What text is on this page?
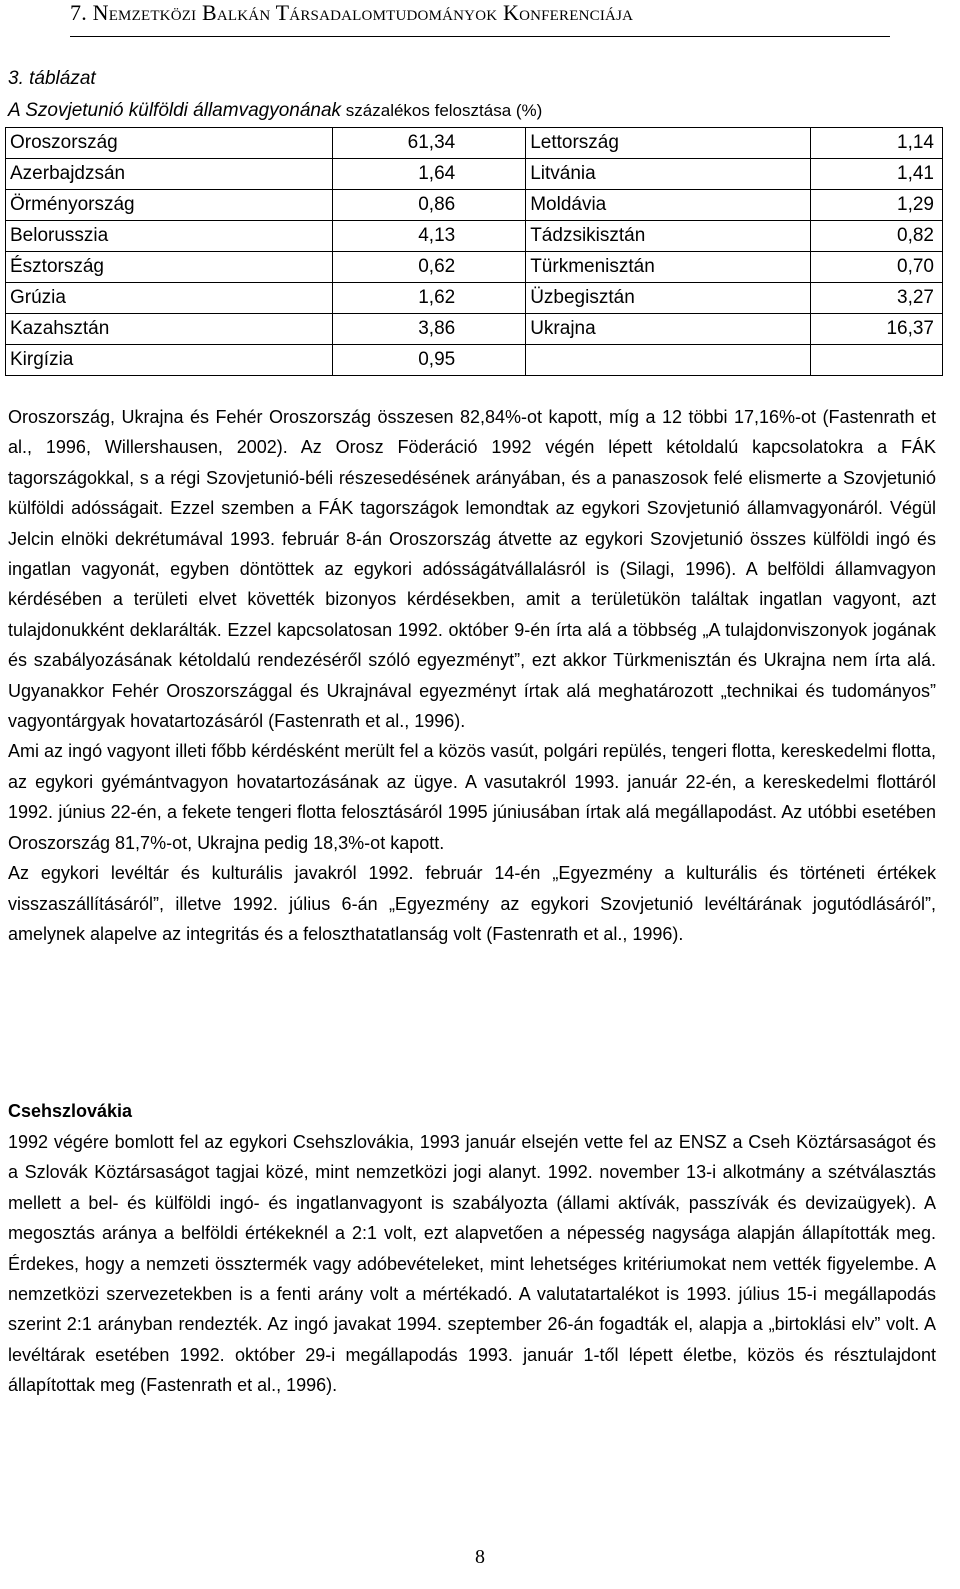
7. Nemzetközi Balkán Társadalomtudományok Konferenciája
3. táblázat
A Szovjetunió külföldi államvagyonának százalékos felosztása (%)
Oroszország	61,34	Lettország	1,14
Azerbajdzsán	1,64	Litvánia	1,41
Örményország	0,86	Moldávia	1,29
Belorusszia	4,13	Tádzsikisztán	0,82
Észtország	0,62	Türkmenisztán	0,70
Grúzia	1,62	Üzbegisztán	3,27
Kazahsztán	3,86	Ukrajna	16,37
Kirgízia	0,95		
Oroszország, Ukrajna és Fehér Oroszország összesen 82,84%-ot kapott, míg a 12 többi 17,16%-ot (Fastenrath et al., 1996, Willershausen, 2002). Az Orosz Föderáció 1992 végén lépett kétoldalú kapcsolatokra a FÁK tagországokkal, s a régi Szovjetunió-béli részesedésének arányában, és a panaszosok felé elismerte a Szovjetunió külföldi adósságait. Ezzel szemben a FÁK tagországok lemondtak az egykori Szovjetunió államvagyonáról. Végül Jelcin elnöki dekrétumával 1993. február 8-án Oroszország átvette az egykori Szovjetunió összes külföldi ingó és ingatlan vagyonát, egyben döntöttek az egykori adósságátvállalásról is (Silagi, 1996). A belföldi államvagyon kérdésében a területi elvet követték bizonyos kérdésekben, amit a területükön találtak ingatlan vagyont, azt tulajdonukként deklarálták. Ezzel kapcsolatosan 1992. október 9-én írta alá a többség „A tulajdonviszonyok jogának és szabályozásának kétoldalú rendezéséről szóló egyezményt”, ezt akkor Türkmenisztán és Ukrajna nem írta alá. Ugyanakkor Fehér Oroszországgal és Ukrajnával egyezményt írtak alá meghatározott „technikai és tudományos” vagyontárgyak hovatartozásáról (Fastenrath et al., 1996).
Ami az ingó vagyont illeti főbb kérdésként merült fel a közös vasút, polgári repülés, tengeri flotta, kereskedelmi flotta, az egykori gyémántvagyon hovatartozásának az ügye. A vasutakról 1993. január 22-én, a kereskedelmi flottáról 1992. június 22-én, a fekete tengeri flotta felosztásáról 1995 júniusában írtak alá megállapodást. Az utóbbi esetében Oroszország 81,7%-ot, Ukrajna pedig 18,3%-ot kapott.
Az egykori levéltár és kulturális javakról 1992. február 14-én „Egyezmény a kulturális és történeti értékek visszaszállításáról”, illetve 1992. július 6-án „Egyezmény az egykori Szovjetunió levéltárának jogutódlásáról”, amelynek alapelve az integritás és a feloszthatatlanság volt (Fastenrath et al., 1996).
Csehszlovákia
1992 végére bomlott fel az egykori Csehszlovákia, 1993 január elsején vette fel az ENSZ a Cseh Köztársaságot és a Szlovák Köztársaságot tagjai közé, mint nemzetközi jogi alanyt. 1992. november 13-i alkotmány a szétválasztás mellett a bel- és külföldi ingó- és ingatlanvagyont is szabályozta (állami aktívák, passzívák és devizaügyek). A megosztás aránya a belföldi értékeknél a 2:1 volt, ezt alapvetően a népesség nagysága alapján állapították meg. Érdekes, hogy a nemzeti össztermék vagy adóbevételeket, mint lehetséges kritériumokat nem vették figyelembe. A nemzetközi szervezetekben is a fenti arány volt a mértékadó. A valutatartalékot is 1993. július 15-i megállapodás szerint 2:1 arányban rendezték. Az ingó javakat 1994. szeptember 26-án fogadták el, alapja a „birtoklási elv” volt. A levéltárak esetében 1992. október 29-i megállapodás 1993. január 1-től lépett életbe, közös és résztulajdont állapítottak meg (Fastenrath et al., 1996).
8
